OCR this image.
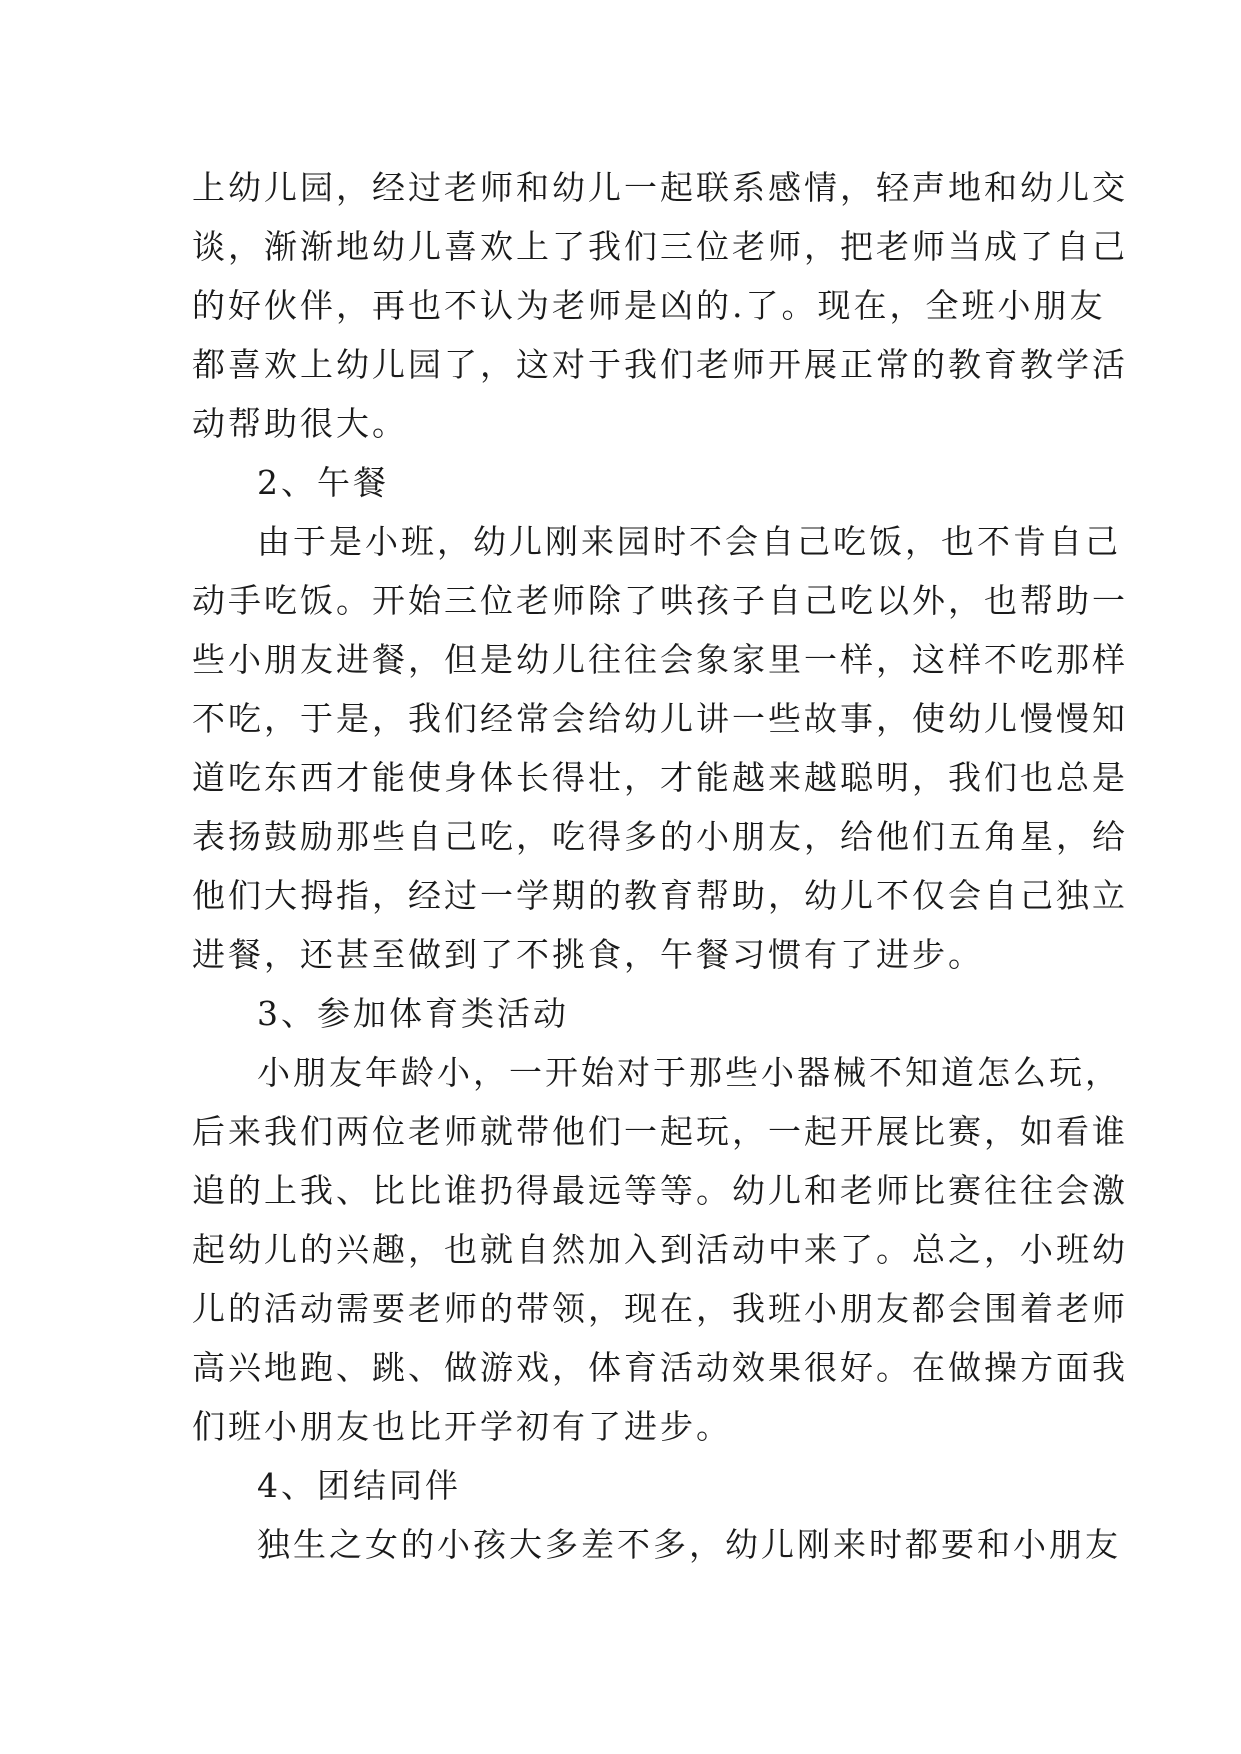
上幼儿园，经过老师和幼儿一起联系感情，轻声地和幼儿交
谈，渐渐地幼儿喜欢上了我们三位老师，把老师当成了自己
的好伙伴，再也不认为老师是凶的.了。现在，全班小朋友
都喜欢上幼儿园了，这对于我们老师开展正常的教育教学活
动帮助很大。
2、午餐
由于是小班，幼儿刚来园时不会自己吃饭，也不肯自己
动手吃饭。开始三位老师除了哄孩子自己吃以外，也帮助一
些小朋友进餐，但是幼儿往往会象家里一样，这样不吃那样
不吃，于是，我们经常会给幼儿讲一些故事，使幼儿慢慢知
道吃东西才能使身体长得壮，才能越来越聪明，我们也总是
表扬鼓励那些自己吃，吃得多的小朋友，给他们五角星，给
他们大拇指，经过一学期的教育帮助，幼儿不仅会自己独立
进餐，还甚至做到了不挑食，午餐习惯有了进步。
3、参加体育类活动
小朋友年龄小，一开始对于那些小器械不知道怎么玩，
后来我们两位老师就带他们一起玩，一起开展比赛，如看谁
追的上我、比比谁扔得最远等等。幼儿和老师比赛往往会激
起幼儿的兴趣，也就自然加入到活动中来了。总之，小班幼
儿的活动需要老师的带领，现在，我班小朋友都会围着老师
高兴地跑、跳、做游戏，体育活动效果很好。在做操方面我
们班小朋友也比开学初有了进步。
4、团结同伴
独生之女的小孩大多差不多，幼儿刚来时都要和小朋友
